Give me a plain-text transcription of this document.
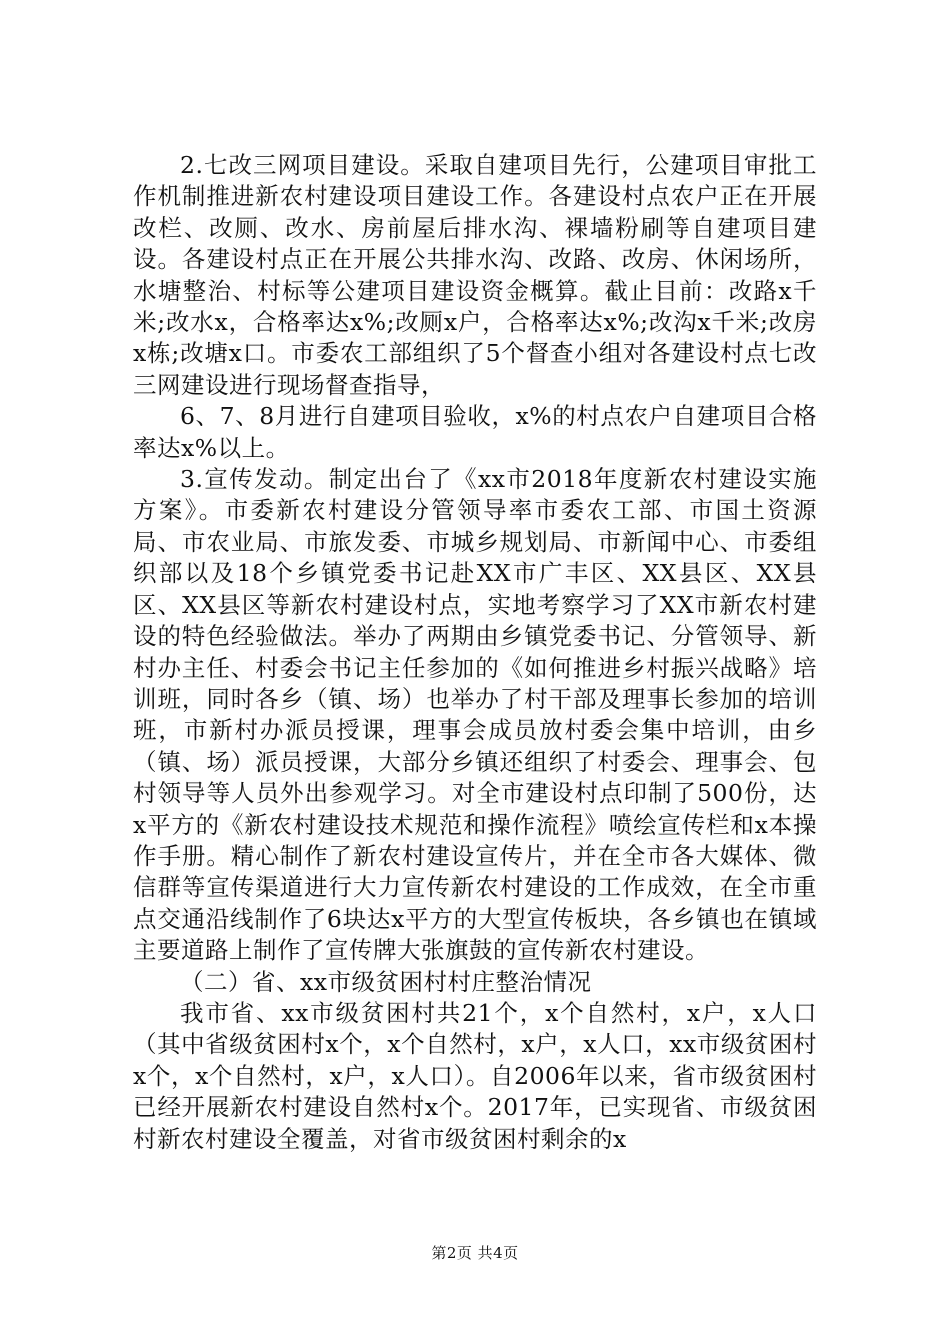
2.七改三网项目建设。采取自建项目先行，公建项目审批工作机制推进新农村建设项目建设工作。各建设村点农户正在开展改栏、改厕、改水、房前屋后排水沟、裸墙粉刷等自建项目建设。各建设村点正在开展公共排水沟、改路、改房、休闲场所，水塘整治、村标等公建项目建设资金概算。截止目前：改路x千米;改水x，合格率达x%;改厕x户，合格率达x%;改沟x千米;改房x栋;改塘x口。市委农工部组织了5个督查小组对各建设村点七改三网建设进行现场督查指导，

6、7、8月进行自建项目验收，x%的村点农户自建项目合格率达x%以上。

3.宣传发动。制定出台了《xx市2018年度新农村建设实施方案》。市委新农村建设分管领导率市委农工部、市国土资源局、市农业局、市旅发委、市城乡规划局、市新闻中心、市委组织部以及18个乡镇党委书记赴XX市广丰区、XX县区、XX县区、XX县区等新农村建设村点，实地考察学习了XX市新农村建设的特色经验做法。举办了两期由乡镇党委书记、分管领导、新村办主任、村委会书记主任参加的《如何推进乡村振兴战略》培训班，同时各乡（镇、场）也举办了村干部及理事长参加的培训班，市新村办派员授课，理事会成员放村委会集中培训，由乡（镇、场）派员授课，大部分乡镇还组织了村委会、理事会、包村领导等人员外出参观学习。对全市建设村点印制了500份，达x平方的《新农村建设技术规范和操作流程》喷绘宣传栏和x本操作手册。精心制作了新农村建设宣传片，并在全市各大媒体、微信群等宣传渠道进行大力宣传新农村建设的工作成效，在全市重点交通沿线制作了6块达x平方的大型宣传板块，各乡镇也在镇域主要道路上制作了宣传牌大张旗鼓的宣传新农村建设。

（二）省、xx市级贫困村村庄整治情况

我市省、xx市级贫困村共21个，x个自然村，x户，x人口（其中省级贫困村x个，x个自然村，x户，x人口，xx市级贫困村x个，x个自然村，x户，x人口）。自2006年以来，省市级贫困村已经开展新农村建设自然村x个。2017年，已实现省、市级贫困村新农村建设全覆盖，对省市级贫困村剩余的x

第2页 共4页
